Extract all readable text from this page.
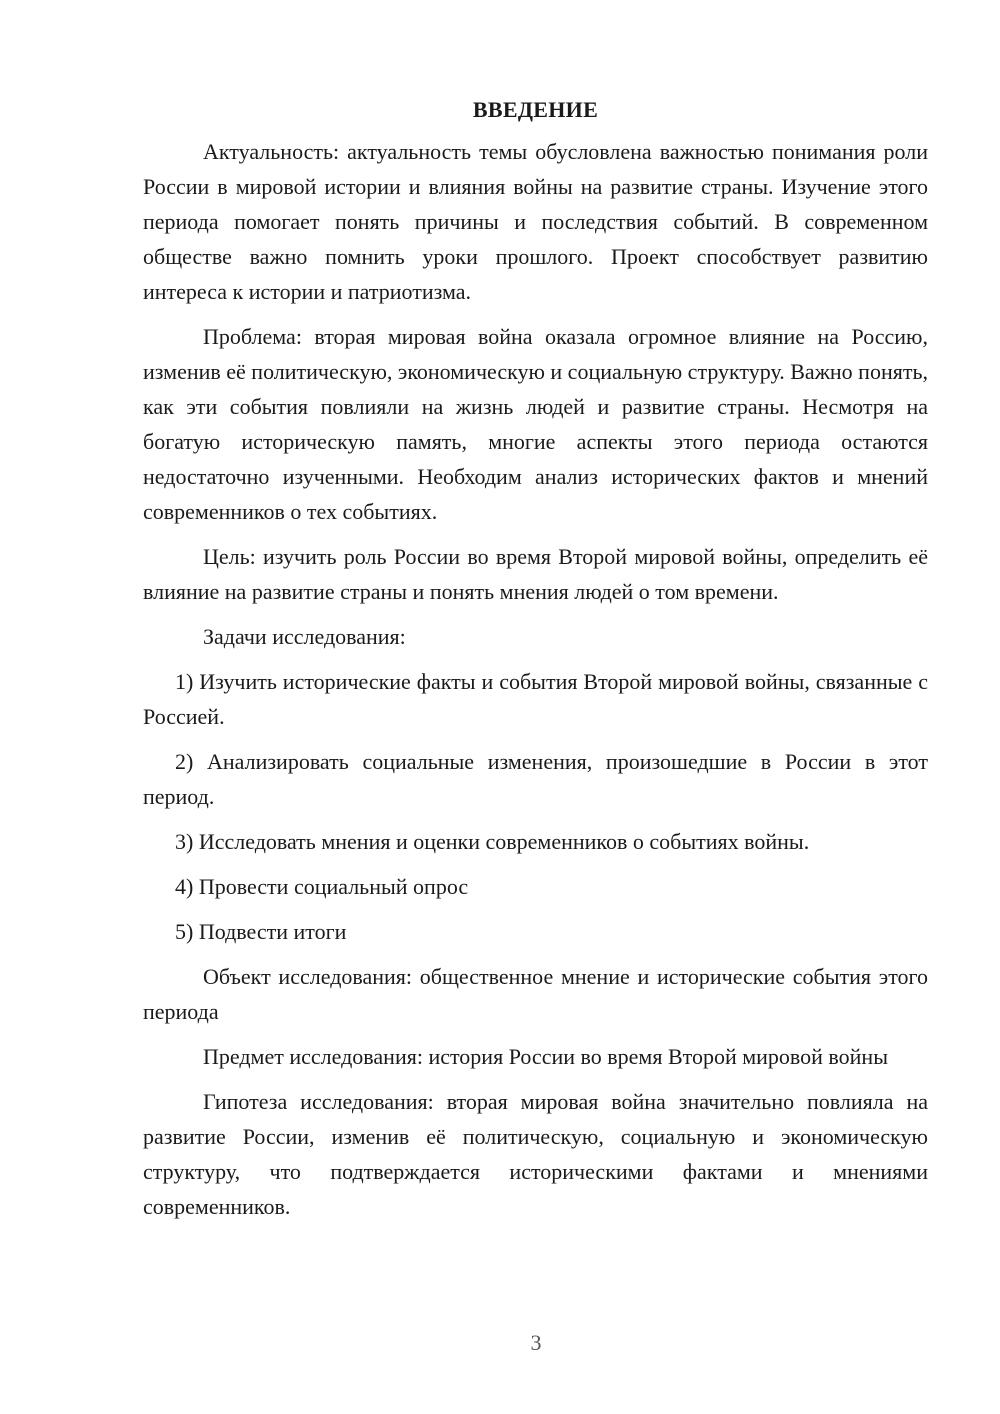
ВВЕДЕНИЕ

Актуальность: актуальность темы обусловлена важностью понимания роли России в мировой истории и влияния войны на развитие страны. Изучение этого периода помогает понять причины и последствия событий. В современном обществе важно помнить уроки прошлого. Проект способствует развитию интереса к истории и патриотизма.

Проблема: вторая мировая война оказала огромное влияние на Россию, изменив её политическую, экономическую и социальную структуру. Важно понять, как эти события повлияли на жизнь людей и развитие страны. Несмотря на богатую историческую память, многие аспекты этого периода остаются недостаточно изученными. Необходим анализ исторических фактов и мнений современников о тех событиях.

Цель: изучить роль России во время Второй мировой войны, определить её влияние на развитие страны и понять мнения людей о том времени.

Задачи исследования:

1) Изучить исторические факты и события Второй мировой войны, связанные с Россией.

2) Анализировать социальные изменения, произошедшие в России в этот период.

3) Исследовать мнения и оценки современников о событиях войны.

4) Провести социальный опрос

5) Подвести итоги

Объект исследования: общественное мнение и исторические события этого периода

Предмет исследования: история России во время Второй мировой войны

Гипотеза исследования: вторая мировая война значительно повлияла на развитие России, изменив её политическую, социальную и экономическую структуру, что подтверждается историческими фактами и мнениями современников.

3
